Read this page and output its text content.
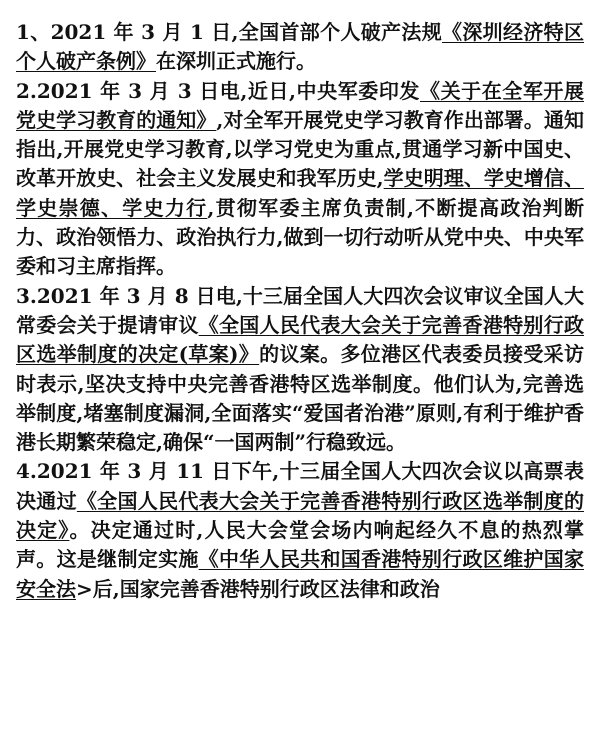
1、2021 年 3 月 1 日,全国首部个人破产法规《深圳经济特区个人破产条例》在深圳正式施行。

2.2021 年 3 月 3 日电,近日,中央军委印发《关于在全军开展党史学习教育的通知》,对全军开展党史学习教育作出部署。通知指出,开展党史学习教育,以学习党史为重点,贯通学习新中国史、改革开放史、社会主义发展史和我军历史,学史明理、学史增信、学史崇德、学史力行,贯彻军委主席负责制,不断提高政治判断力、政治领悟力、政治执行力,做到一切行动听从党中央、中央军委和习主席指挥。

3.2021 年 3 月 8 日电,十三届全国人大四次会议审议全国人大常委会关于提请审议《全国人民代表大会关于完善香港特别行政区选举制度的决定(草案)》的议案。多位港区代表委员接受采访时表示,坚决支持中央完善香港特区选举制度。他们认为,完善选举制度,堵塞制度漏洞,全面落实“爱国者治港”原则,有利于维护香港长期繁荣稳定,确保“一国两制”行稳致远。

4.2021 年 3 月 11 日下午,十三届全国人大四次会议以高票表决通过《全国人民代表大会关于完善香港特别行政区选举制度的决定》。决定通过时,人民大会堂会场内响起经久不息的热烈掌声。这是继制定实施《中华人民共和国香港特别行政区维护国家安全法>后,国家完善香港特别行政区法律和政治
